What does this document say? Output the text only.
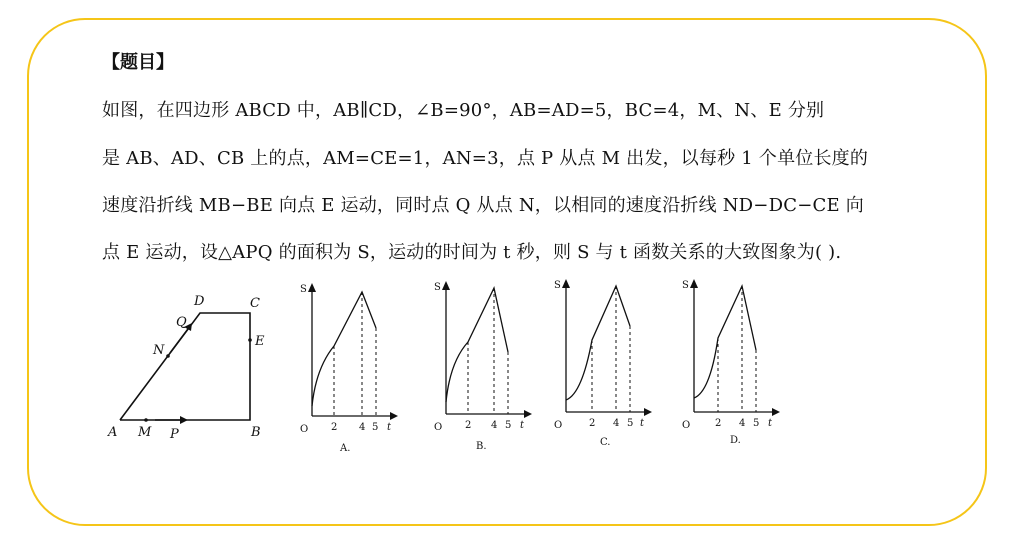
【题目】
如图，在四边形 ABCD 中，AB∥CD，∠B=90°，AB=AD=5，BC=4，M、N、E 分别
是 AB、AD、CB 上的点，AM=CE=1，AN=3，点 P 从点 M 出发，以每秒 1 个单位长度的
速度沿折线 MB−BE 向点 E 运动，同时点 Q 从点 N，以相同的速度沿折线 ND−DC−CE 向
点 E 运动，设△APQ 的面积为 S，运动的时间为 t 秒，则 S 与 t 函数关系的大致图象为( ).
A M P	B
C
D
E
N
Q
S
O 2 4 5 t
A.
S
O 2 4 5 t
B.
S
O	2 4 5 t
C.
S
O 2 4 5 t
D.
